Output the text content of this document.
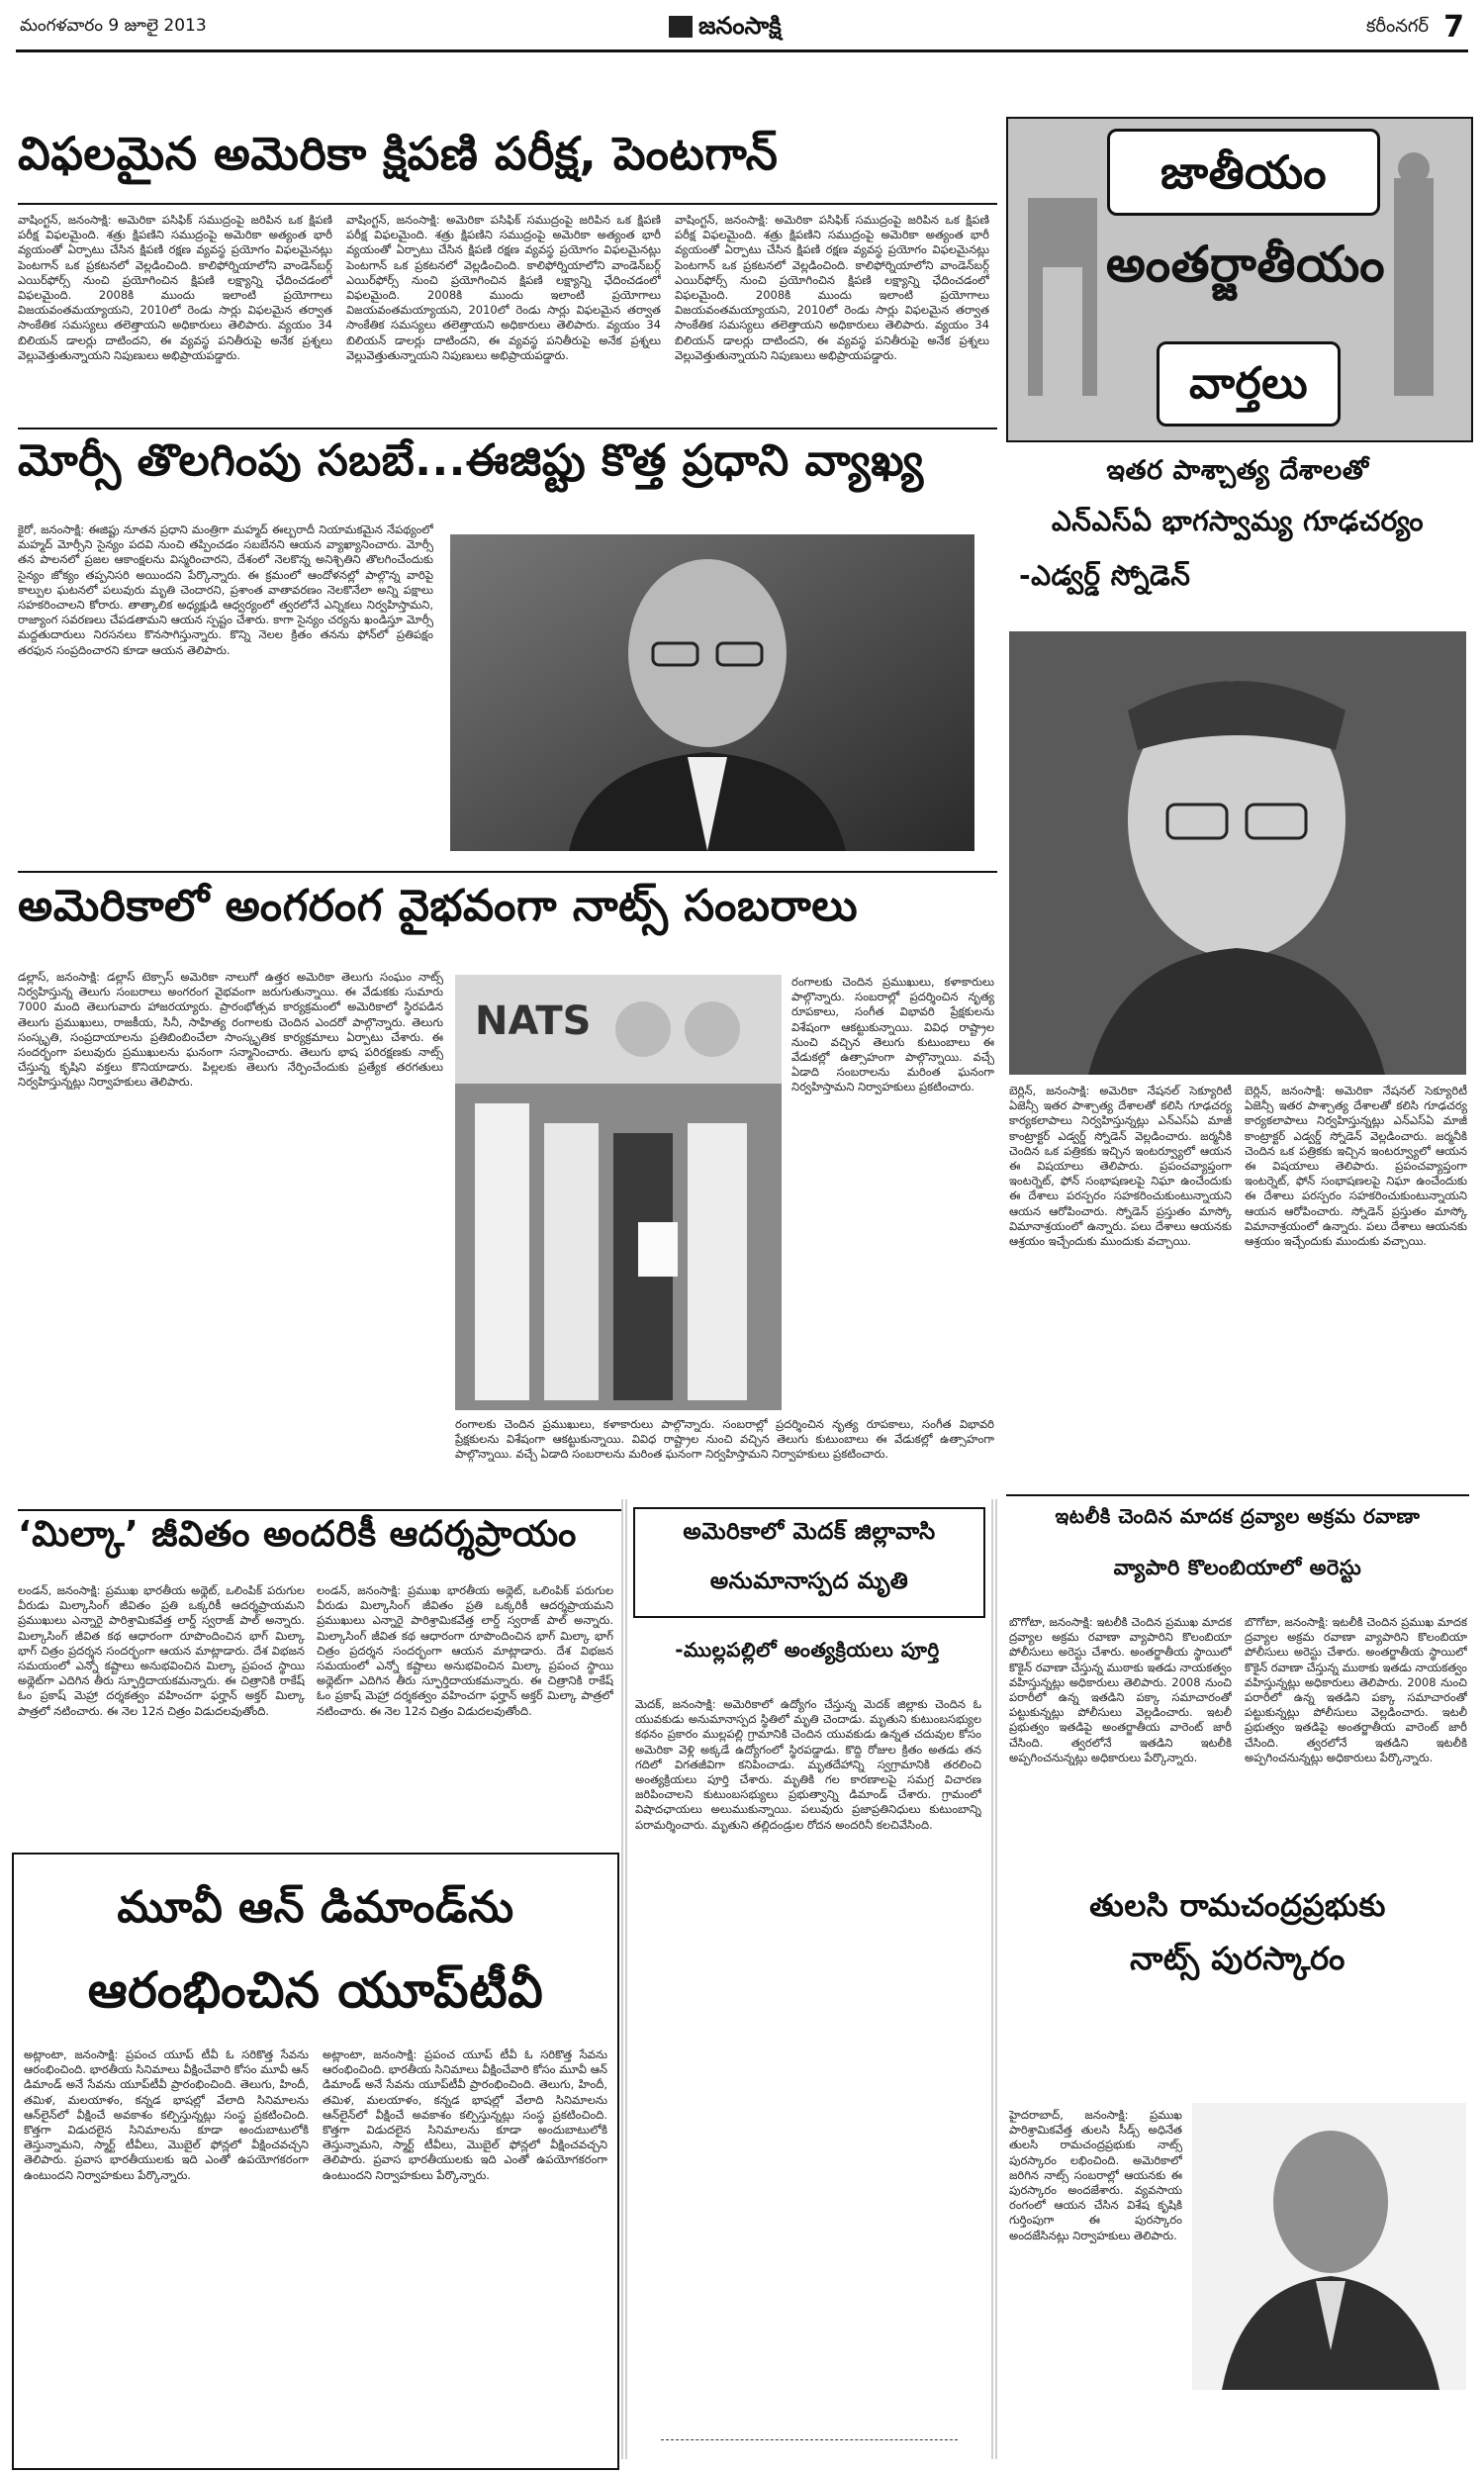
మంగళవారం 9 జూలై 2013	జనంసాక్షి	కరీంనగర్ 7
విఫలమైన అమెరికా క్షిపణి పరీక్ష, పెంటగాన్
వాషింగ్టన్‌, జనంసాక్షి: అమెరికా పసిఫిక్‌ సముద్రంపై జరిపిన ఒక క్షిపణి పరీక్ష విఫలమైంది. శత్రు క్షిపణిని సముద్రంపై అమెరికా అత్యంత భారీ వ్యయంతో ఏర్పాటు చేసిన క్షిపణి రక్షణ వ్యవస్థ ప్రయోగం విఫలమైనట్లు పెంటగాన్‌ ఒక ప్రకటనలో వెల్లడించింది. కాలిఫోర్నియాలోని వాండెన్‌బర్గ్‌ ఎయిర్‌ఫోర్స్‌ నుంచి ప్రయోగించిన క్షిపణి లక్ష్యాన్ని ఛేదించడంలో విఫలమైంది. 2008కి ముందు ఇలాంటి ప్రయోగాలు విజయవంతమయ్యాయని, 2010లో రెండు సార్లు విఫలమైన తర్వాత సాంకేతిక సమస్యలు తలెత్తాయని అధికారులు తెలిపారు. వ్యయం 34 బిలియన్‌ డాలర్లు దాటిందని, ఈ వ్యవస్థ పనితీరుపై అనేక ప్రశ్నలు వెల్లువెత్తుతున్నాయని నిపుణులు అభిప్రాయపడ్డారు.
వాషింగ్టన్‌, జనంసాక్షి: అమెరికా పసిఫిక్‌ సముద్రంపై జరిపిన ఒక క్షిపణి పరీక్ష విఫలమైంది. శత్రు క్షిపణిని సముద్రంపై అమెరికా అత్యంత భారీ వ్యయంతో ఏర్పాటు చేసిన క్షిపణి రక్షణ వ్యవస్థ ప్రయోగం విఫలమైనట్లు పెంటగాన్‌ ఒక ప్రకటనలో వెల్లడించింది. కాలిఫోర్నియాలోని వాండెన్‌బర్గ్‌ ఎయిర్‌ఫోర్స్‌ నుంచి ప్రయోగించిన క్షిపణి లక్ష్యాన్ని ఛేదించడంలో విఫలమైంది. 2008కి ముందు ఇలాంటి ప్రయోగాలు విజయవంతమయ్యాయని, 2010లో రెండు సార్లు విఫలమైన తర్వాత సాంకేతిక సమస్యలు తలెత్తాయని అధికారులు తెలిపారు. వ్యయం 34 బిలియన్‌ డాలర్లు దాటిందని, ఈ వ్యవస్థ పనితీరుపై అనేక ప్రశ్నలు వెల్లువెత్తుతున్నాయని నిపుణులు అభిప్రాయపడ్డారు.
వాషింగ్టన్‌, జనంసాక్షి: అమెరికా పసిఫిక్‌ సముద్రంపై జరిపిన ఒక క్షిపణి పరీక్ష విఫలమైంది. శత్రు క్షిపణిని సముద్రంపై అమెరికా అత్యంత భారీ వ్యయంతో ఏర్పాటు చేసిన క్షిపణి రక్షణ వ్యవస్థ ప్రయోగం విఫలమైనట్లు పెంటగాన్‌ ఒక ప్రకటనలో వెల్లడించింది. కాలిఫోర్నియాలోని వాండెన్‌బర్గ్‌ ఎయిర్‌ఫోర్స్‌ నుంచి ప్రయోగించిన క్షిపణి లక్ష్యాన్ని ఛేదించడంలో విఫలమైంది. 2008కి ముందు ఇలాంటి ప్రయోగాలు విజయవంతమయ్యాయని, 2010లో రెండు సార్లు విఫలమైన తర్వాత సాంకేతిక సమస్యలు తలెత్తాయని అధికారులు తెలిపారు. వ్యయం 34 బిలియన్‌ డాలర్లు దాటిందని, ఈ వ్యవస్థ పనితీరుపై అనేక ప్రశ్నలు వెల్లువెత్తుతున్నాయని నిపుణులు అభిప్రాయపడ్డారు.
మోర్సీ తొలగింపు సబబే...ఈజిప్టు కొత్త ప్రధాని వ్యాఖ్య
కైరో, జనంసాక్షి: ఈజిప్టు నూతన ప్రధాని మంత్రిగా మహ్మద్‌ ఈల్బరాదీ నియామకమైన నేపథ్యంలో మహ్మద్‌ మోర్సీని సైన్యం పదవి నుంచి తప్పించడం సబబేనని ఆయన వ్యాఖ్యానించారు. మోర్సీ తన పాలనలో ప్రజల ఆకాంక్షలను విస్మరించారని, దేశంలో నెలకొన్న అనిశ్చితిని తొలగించేందుకు సైన్యం జోక్యం తప్పనిసరి అయిందని పేర్కొన్నారు. ఈ క్రమంలో ఆందోళనల్లో పాల్గొన్న వారిపై కాల్పుల ఘటనలో పలువురు మృతి చెందారని, ప్రశాంత వాతావరణం నెలకొనేలా అన్ని పక్షాలు సహకరించాలని కోరారు. తాత్కాలిక అధ్యక్షుడి ఆధ్వర్యంలో త్వరలోనే ఎన్నికలు నిర్వహిస్తామని, రాజ్యాంగ సవరణలు చేపడతామని ఆయన స్పష్టం చేశారు. కాగా సైన్యం చర్యను ఖండిస్తూ మోర్సీ మద్దతుదారులు నిరసనలు కొనసాగిస్తున్నారు. కొన్ని నెలల క్రితం తనను ఫోన్‌లో ప్రతిపక్షం తరఫున సంప్రదించారని కూడా ఆయన తెలిపారు.
అమెరికాలో అంగరంగ వైభవంగా నాట్స్‌ సంబరాలు
డల్లాస్‌, జనంసాక్షి: డల్లాస్‌ టెక్సాస్‌ అమెరికా నాలుగో ఉత్తర అమెరికా తెలుగు సంఘం నాట్స్‌ నిర్వహిస్తున్న తెలుగు సంబరాలు అంగరంగ వైభవంగా జరుగుతున్నాయి. ఈ వేడుకకు సుమారు 7000 మంది తెలుగువారు హాజరయ్యారు. ప్రారంభోత్సవ కార్యక్రమంలో అమెరికాలో స్థిరపడిన తెలుగు ప్రముఖులు, రాజకీయ, సినీ, సాహిత్య రంగాలకు చెందిన ఎందరో పాల్గొన్నారు. తెలుగు సంస్కృతి, సంప్రదాయాలను ప్రతిబింబించేలా సాంస్కృతిక కార్యక్రమాలు ఏర్పాటు చేశారు. ఈ సందర్భంగా పలువురు ప్రముఖులను ఘనంగా సన్మానించారు. తెలుగు భాష పరిరక్షణకు నాట్స్‌ చేస్తున్న కృషిని వక్తలు కొనియాడారు. పిల్లలకు తెలుగు నేర్పించేందుకు ప్రత్యేక తరగతులు నిర్వహిస్తున్నట్లు నిర్వాహకులు తెలిపారు.
NATS
రంగాలకు చెందిన ప్రముఖులు, కళాకారులు పాల్గొన్నారు. సంబరాల్లో ప్రదర్శించిన నృత్య రూపకాలు, సంగీత విభావరి ప్రేక్షకులను విశేషంగా ఆకట్టుకున్నాయి. వివిధ రాష్ట్రాల నుంచి వచ్చిన తెలుగు కుటుంబాలు ఈ వేడుకల్లో ఉత్సాహంగా పాల్గొన్నాయి. వచ్చే ఏడాది సంబరాలను మరింత ఘనంగా నిర్వహిస్తామని నిర్వాహకులు ప్రకటించారు.
రంగాలకు చెందిన ప్రముఖులు, కళాకారులు పాల్గొన్నారు. సంబరాల్లో ప్రదర్శించిన నృత్య రూపకాలు, సంగీత విభావరి ప్రేక్షకులను విశేషంగా ఆకట్టుకున్నాయి. వివిధ రాష్ట్రాల నుంచి వచ్చిన తెలుగు కుటుంబాలు ఈ వేడుకల్లో ఉత్సాహంగా పాల్గొన్నాయి. వచ్చే ఏడాది సంబరాలను మరింత ఘనంగా నిర్వహిస్తామని నిర్వాహకులు ప్రకటించారు.
‘మిల్కా’ జీవితం అందరికీ ఆదర్శప్రాయం
లండన్‌, జనంసాక్షి: ప్రముఖ భారతీయ అథ్లెట్‌, ఒలింపిక్‌ పరుగుల వీరుడు మిల్కాసింగ్‌ జీవితం ప్రతి ఒక్కరికీ ఆదర్శప్రాయమని ప్రముఖులు ఎన్నారై పారిశ్రామికవేత్త లార్డ్‌ స్వరాజ్‌ పాల్‌ అన్నారు. మిల్కాసింగ్‌ జీవిత కథ ఆధారంగా రూపొందించిన భాగ్‌ మిల్కా భాగ్‌ చిత్రం ప్రదర్శన సందర్భంగా ఆయన మాట్లాడారు. దేశ విభజన సమయంలో ఎన్నో కష్టాలు అనుభవించిన మిల్కా ప్రపంచ స్థాయి అథ్లెట్‌గా ఎదిగిన తీరు స్ఫూర్తిదాయకమన్నారు. ఈ చిత్రానికి రాకేష్‌ ఓం ప్రకాష్‌ మెహ్రా దర్శకత్వం వహించగా ఫర్హాన్‌ అక్తర్‌ మిల్కా పాత్రలో నటించారు. ఈ నెల 12న చిత్రం విడుదలవుతోంది.
లండన్‌, జనంసాక్షి: ప్రముఖ భారతీయ అథ్లెట్‌, ఒలింపిక్‌ పరుగుల వీరుడు మిల్కాసింగ్‌ జీవితం ప్రతి ఒక్కరికీ ఆదర్శప్రాయమని ప్రముఖులు ఎన్నారై పారిశ్రామికవేత్త లార్డ్‌ స్వరాజ్‌ పాల్‌ అన్నారు. మిల్కాసింగ్‌ జీవిత కథ ఆధారంగా రూపొందించిన భాగ్‌ మిల్కా భాగ్‌ చిత్రం ప్రదర్శన సందర్భంగా ఆయన మాట్లాడారు. దేశ విభజన సమయంలో ఎన్నో కష్టాలు అనుభవించిన మిల్కా ప్రపంచ స్థాయి అథ్లెట్‌గా ఎదిగిన తీరు స్ఫూర్తిదాయకమన్నారు. ఈ చిత్రానికి రాకేష్‌ ఓం ప్రకాష్‌ మెహ్రా దర్శకత్వం వహించగా ఫర్హాన్‌ అక్తర్‌ మిల్కా పాత్రలో నటించారు. ఈ నెల 12న చిత్రం విడుదలవుతోంది.
మూవీ ఆన్‌ డిమాండ్‌ను
ఆరంభించిన యూప్‌టీవీ
అట్లాంటా, జనంసాక్షి: ప్రపంచ యూప్‌ టీవీ ఓ సరికొత్త సేవను ఆరంభించింది. భారతీయ సినిమాలు వీక్షించేవారి కోసం మూవీ ఆన్‌ డిమాండ్‌ అనే సేవను యూప్‌టీవీ ప్రారంభించింది. తెలుగు, హిందీ, తమిళ, మలయాళం, కన్నడ భాషల్లో వేలాది సినిమాలను ఆన్‌లైన్‌లో వీక్షించే అవకాశం కల్పిస్తున్నట్లు సంస్థ ప్రకటించింది. కొత్తగా విడుదలైన సినిమాలను కూడా అందుబాటులోకి తెస్తున్నామని, స్మార్ట్‌ టీవీలు, మొబైల్‌ ఫోన్లలో వీక్షించవచ్చని తెలిపారు. ప్రవాస భారతీయులకు ఇది ఎంతో ఉపయోగకరంగా ఉంటుందని నిర్వాహకులు పేర్కొన్నారు.
అట్లాంటా, జనంసాక్షి: ప్రపంచ యూప్‌ టీవీ ఓ సరికొత్త సేవను ఆరంభించింది. భారతీయ సినిమాలు వీక్షించేవారి కోసం మూవీ ఆన్‌ డిమాండ్‌ అనే సేవను యూప్‌టీవీ ప్రారంభించింది. తెలుగు, హిందీ, తమిళ, మలయాళం, కన్నడ భాషల్లో వేలాది సినిమాలను ఆన్‌లైన్‌లో వీక్షించే అవకాశం కల్పిస్తున్నట్లు సంస్థ ప్రకటించింది. కొత్తగా విడుదలైన సినిమాలను కూడా అందుబాటులోకి తెస్తున్నామని, స్మార్ట్‌ టీవీలు, మొబైల్‌ ఫోన్లలో వీక్షించవచ్చని తెలిపారు. ప్రవాస భారతీయులకు ఇది ఎంతో ఉపయోగకరంగా ఉంటుందని నిర్వాహకులు పేర్కొన్నారు.
అమెరికాలో మెదక్‌ జిల్లావాసి
అనుమానాస్పద మృతి
-ముల్లపల్లిలో అంత్యక్రియలు పూర్తి
మెదక్‌, జనంసాక్షి: అమెరికాలో ఉద్యోగం చేస్తున్న మెదక్‌ జిల్లాకు చెందిన ఓ యువకుడు అనుమానాస్పద స్థితిలో మృతి చెందాడు. మృతుని కుటుంబసభ్యుల కథనం ప్రకారం ముల్లపల్లి గ్రామానికి చెందిన యువకుడు ఉన్నత చదువుల కోసం అమెరికా వెళ్లి అక్కడే ఉద్యోగంలో స్థిరపడ్డాడు. కొద్ది రోజుల క్రితం అతడు తన గదిలో విగతజీవిగా కనిపించాడు. మృతదేహాన్ని స్వగ్రామానికి తరలించి అంత్యక్రియలు పూర్తి చేశారు. మృతికి గల కారణాలపై సమగ్ర విచారణ జరిపించాలని కుటుంబసభ్యులు ప్రభుత్వాన్ని డిమాండ్‌ చేశారు. గ్రామంలో విషాదఛాయలు అలుముకున్నాయి. పలువురు ప్రజాప్రతినిధులు కుటుంబాన్ని పరామర్శించారు. మృతుని తల్లిదండ్రుల రోదన అందరినీ కలచివేసింది.
జాతీయం
అంతర్జాతీయం
వార్తలు
ఇతర పాశ్చాత్య దేశాలతో
ఎన్‌ఎస్‌ఏ భాగస్వామ్య గూఢచర్యం
-ఎడ్వర్డ్‌ స్నోడెన్‌
బెర్లిన్‌, జనంసాక్షి: అమెరికా నేషనల్‌ సెక్యూరిటీ ఏజెన్సీ ఇతర పాశ్చాత్య దేశాలతో కలిసి గూఢచర్య కార్యకలాపాలు నిర్వహిస్తున్నట్లు ఎన్‌ఎస్‌ఏ మాజీ కాంట్రాక్టర్‌ ఎడ్వర్డ్‌ స్నోడెన్‌ వెల్లడించారు. జర్మనీకి చెందిన ఒక పత్రికకు ఇచ్చిన ఇంటర్వ్యూలో ఆయన ఈ విషయాలు తెలిపారు. ప్రపంచవ్యాప్తంగా ఇంటర్నెట్‌, ఫోన్‌ సంభాషణలపై నిఘా ఉంచేందుకు ఈ దేశాలు పరస్పరం సహకరించుకుంటున్నాయని ఆయన ఆరోపించారు. స్నోడెన్‌ ప్రస్తుతం మాస్కో విమానాశ్రయంలో ఉన్నారు. పలు దేశాలు ఆయనకు ఆశ్రయం ఇచ్చేందుకు ముందుకు వచ్చాయి.
బెర్లిన్‌, జనంసాక్షి: అమెరికా నేషనల్‌ సెక్యూరిటీ ఏజెన్సీ ఇతర పాశ్చాత్య దేశాలతో కలిసి గూఢచర్య కార్యకలాపాలు నిర్వహిస్తున్నట్లు ఎన్‌ఎస్‌ఏ మాజీ కాంట్రాక్టర్‌ ఎడ్వర్డ్‌ స్నోడెన్‌ వెల్లడించారు. జర్మనీకి చెందిన ఒక పత్రికకు ఇచ్చిన ఇంటర్వ్యూలో ఆయన ఈ విషయాలు తెలిపారు. ప్రపంచవ్యాప్తంగా ఇంటర్నెట్‌, ఫోన్‌ సంభాషణలపై నిఘా ఉంచేందుకు ఈ దేశాలు పరస్పరం సహకరించుకుంటున్నాయని ఆయన ఆరోపించారు. స్నోడెన్‌ ప్రస్తుతం మాస్కో విమానాశ్రయంలో ఉన్నారు. పలు దేశాలు ఆయనకు ఆశ్రయం ఇచ్చేందుకు ముందుకు వచ్చాయి.
ఇటలీకి చెందిన మాదక ద్రవ్యాల అక్రమ రవాణా
వ్యాపారి కొలంబియాలో అరెస్టు
బొగోటా, జనంసాక్షి: ఇటలీకి చెందిన ప్రముఖ మాదక ద్రవ్యాల అక్రమ రవాణా వ్యాపారిని కొలంబియా పోలీసులు అరెస్టు చేశారు. అంతర్జాతీయ స్థాయిలో కొకైన్‌ రవాణా చేస్తున్న ముఠాకు ఇతడు నాయకత్వం వహిస్తున్నట్లు అధికారులు తెలిపారు. 2008 నుంచి పరారీలో ఉన్న ఇతడిని పక్కా సమాచారంతో పట్టుకున్నట్లు పోలీసులు వెల్లడించారు. ఇటలీ ప్రభుత్వం ఇతడిపై అంతర్జాతీయ వారెంట్‌ జారీ చేసింది. త్వరలోనే ఇతడిని ఇటలీకి అప్పగించనున్నట్లు అధికారులు పేర్కొన్నారు.
బొగోటా, జనంసాక్షి: ఇటలీకి చెందిన ప్రముఖ మాదక ద్రవ్యాల అక్రమ రవాణా వ్యాపారిని కొలంబియా పోలీసులు అరెస్టు చేశారు. అంతర్జాతీయ స్థాయిలో కొకైన్‌ రవాణా చేస్తున్న ముఠాకు ఇతడు నాయకత్వం వహిస్తున్నట్లు అధికారులు తెలిపారు. 2008 నుంచి పరారీలో ఉన్న ఇతడిని పక్కా సమాచారంతో పట్టుకున్నట్లు పోలీసులు వెల్లడించారు. ఇటలీ ప్రభుత్వం ఇతడిపై అంతర్జాతీయ వారెంట్‌ జారీ చేసింది. త్వరలోనే ఇతడిని ఇటలీకి అప్పగించనున్నట్లు అధికారులు పేర్కొన్నారు.
తులసి రామచంద్రప్రభుకు
నాట్స్‌ పురస్కారం
హైదరాబాద్‌, జనంసాక్షి: ప్రముఖ పారిశ్రామికవేత్త తులసి సీడ్స్‌ అధినేత తులసి రామచంద్రప్రభుకు నాట్స్‌ పురస్కారం లభించింది. అమెరికాలో జరిగిన నాట్స్‌ సంబరాల్లో ఆయనకు ఈ పురస్కారం అందజేశారు. వ్యవసాయ రంగంలో ఆయన చేసిన విశేష కృషికి గుర్తింపుగా ఈ పురస్కారం అందజేసినట్లు నిర్వాహకులు తెలిపారు.
